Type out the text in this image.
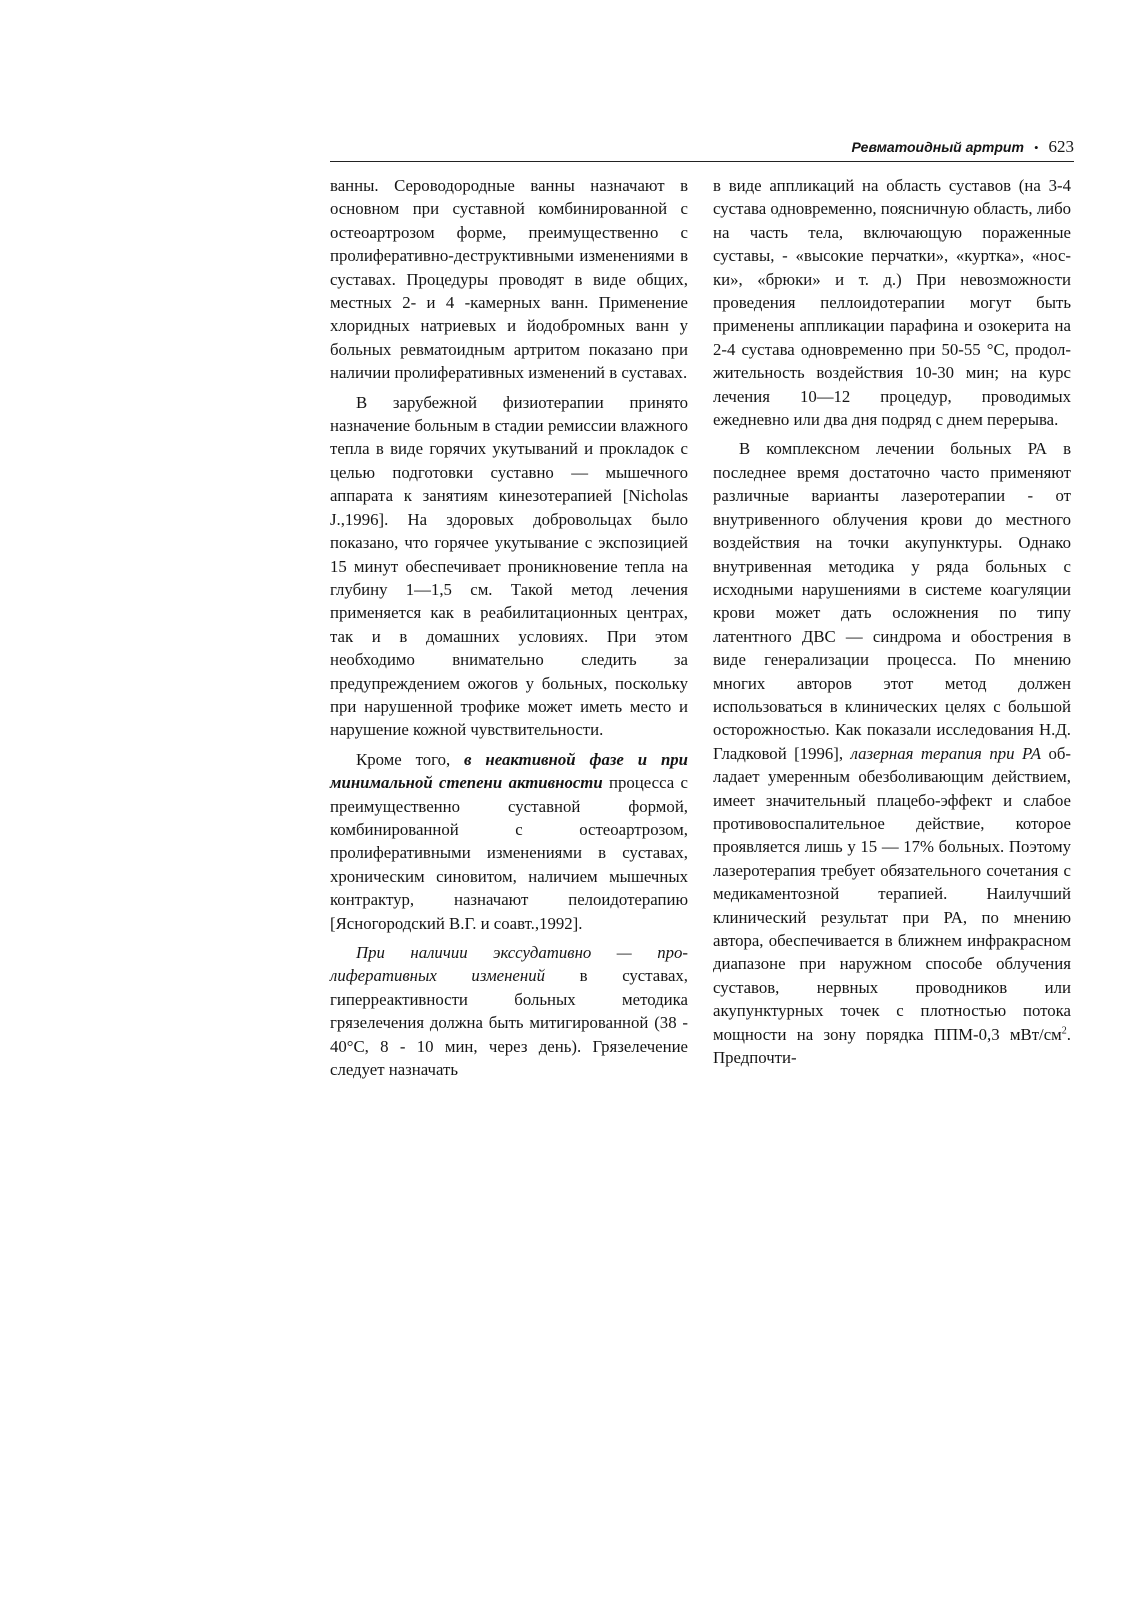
Ревматоидный артрит • 623

ванны. Сероводородные ванны назначают в основном при суставной комбинированной с остеоартрозом форме, преимущественно с пролиферативно-деструктивными изменениями в суставах. Процедуры проводят в виде общих, местных 2- и 4 -камерных ванн. Применение хлоридных натриевых и йодобромных ванн у больных ревматоидным артритом показано при наличии пролиферативных изменений в суставах.

В зарубежной физиотерапии принято назначение больным в стадии ремиссии влажного тепла в виде горячих укутываний и прокладок с целью подготовки суставно — мышечного аппарата к занятиям кинезотерапией [Nicholas J.,1996]. На здоровых добровольцах было показано, что горячее укутывание с экспозицией 15 минут обеспечивает проникновение тепла на глубину 1—1,5 см. Такой метод лечения применяется как в реабилитационных центрах, так и в домашних условиях. При этом необходимо внимательно следить за предупреждением ожогов у больных, поскольку при нарушенной трофике может иметь место и нарушение кожной чувствительности.

Кроме того, в неактивной фазе и при минимальной степени активности процесса с преимущественно суставной формой, комбинированной с остеоартрозом, пролиферативными изменениями в суставах, хроническим синовитом, наличием мышечных контрактур, назначают пелоидотерапию [Ясногородский В.Г. и соавт.,1992].

При наличии экссудативно — пролиферативных изменений в суставах, гиперреактивности больных методика грязелечения должна быть митигированной (38 - 40°С, 8 - 10 мин, через день). Грязелечение следует назначать

в виде аппликаций на область суставов (на 3-4 сустава одновременно, поясничную область, либо на часть тела, включающую пораженные суставы, - «высокие перчатки», «куртка», «носки», «брюки» и т. д.) При невозможности проведения пеллоидотерапии могут быть применены аппликации парафина и озокерита на 2-4 сустава одновременно при 50-55 °С, продолжительность воздействия 10-30 мин; на курс лечения 10—12 процедур, проводимых ежедневно или два дня подряд с днем перерыва.

В комплексном лечении больных РА в последнее время достаточно часто применяют различные варианты лазеротерапии - от внутривенного облучения крови до местного воздействия на точки акупунктуры. Однако внутривенная методика у ряда больных с исходными нарушениями в системе коагуляции крови может дать осложнения по типу латентного ДВС — синдрома и обострения в виде генерализации процесса. По мнению многих авторов этот метод должен использоваться в клинических целях с большой осторожностью. Как показали исследования Н.Д. Гладковой [1996], лазерная терапия при РА обладает умеренным обезболивающим действием, имеет значительный плацебо-эффект и слабое противовоспалительное действие, которое проявляется лишь у 15 — 17% больных. Поэтому лазеротерапия требует обязательного сочетания с медикаментозной терапией. Наилучший клинический результат при РА, по мнению автора, обеспечивается в ближнем инфракрасном диапазоне при наружном способе облучения суставов, нервных проводников или акупунктурных точек с плотностью потока мощности на зону порядка ППМ-0,3 мВт/$см^2$. Предпочти-
